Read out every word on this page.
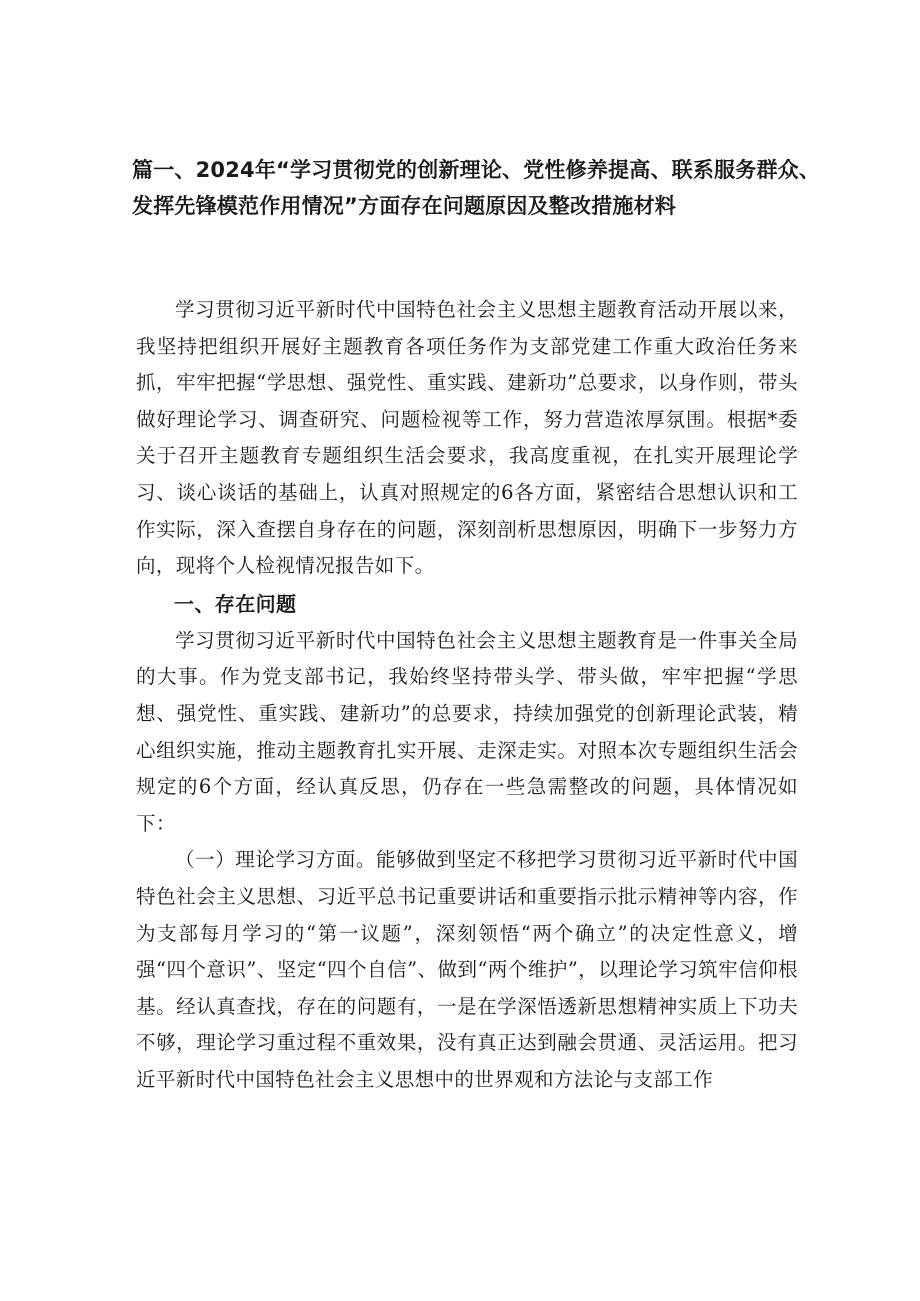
篇一、2024年“学习贯彻党的创新理论、党性修养提高、联系服务群众、
发挥先锋模范作用情况”方面存在问题原因及整改措施材料

学习贯彻习近平新时代中国特色社会主义思想主题教育活动开展以来，我坚持把组织开展好主题教育各项任务作为支部党建工作重大政治任务来抓，牢牢把握“学思想、强党性、重实践、建新功”总要求，以身作则，带头做好理论学习、调查研究、问题检视等工作，努力营造浓厚氛围。根据*委关于召开主题教育专题组织生活会要求，我高度重视，在扎实开展理论学习、谈心谈话的基础上，认真对照规定的6各方面，紧密结合思想认识和工作实际，深入查摆自身存在的问题，深刻剖析思想原因，明确下一步努力方向，现将个人检视情况报告如下。

一、存在问题

学习贯彻习近平新时代中国特色社会主义思想主题教育是一件事关全局的大事。作为党支部书记，我始终坚持带头学、带头做，牢牢把握“学思想、强党性、重实践、建新功”的总要求，持续加强党的创新理论武装，精心组织实施，推动主题教育扎实开展、走深走实。对照本次专题组织生活会规定的6个方面，经认真反思，仍存在一些急需整改的问题，具体情况如下：

（一）理论学习方面。能够做到坚定不移把学习贯彻习近平新时代中国特色社会主义思想、习近平总书记重要讲话和重要指示批示精神等内容，作为支部每月学习的“第一议题”，深刻领悟“两个确立”的决定性意义，增强“四个意识”、坚定“四个自信”、做到“两个维护”，以理论学习筑牢信仰根基。经认真查找，存在的问题有，一是在学深悟透新思想精神实质上下功夫不够，理论学习重过程不重效果，没有真正达到融会贯通、灵活运用。把习近平新时代中国特色社会主义思想中的世界观和方法论与支部工作
